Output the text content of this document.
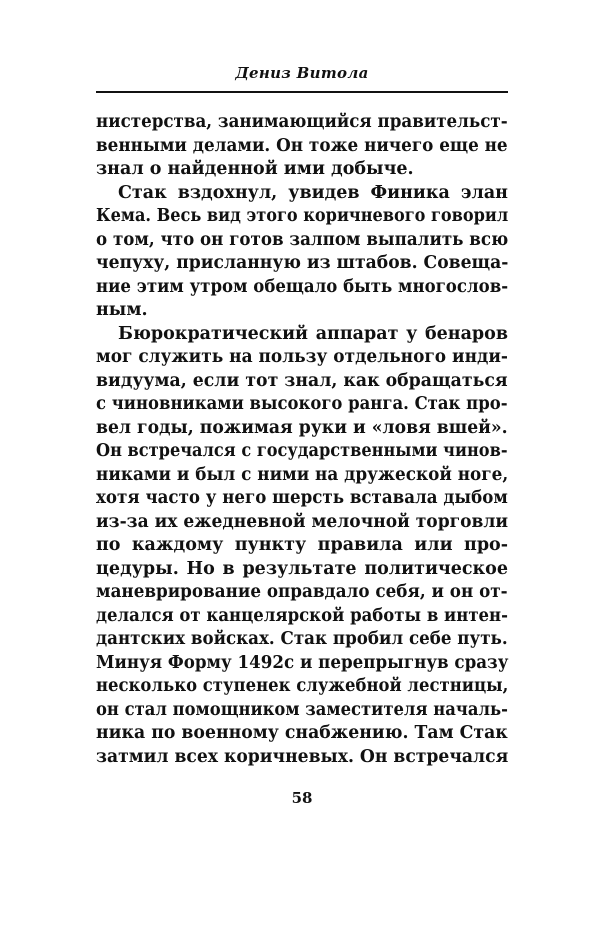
Дениз Витола
нистерства, занимающийся правительст-
венными делами. Он тоже ничего еще не
знал о найденной ими добыче.
Стак вздохнул, увидев Финика элан
Кема. Весь вид этого коричневого говорил
о том, что он готов залпом выпалить всю
чепуху, присланную из штабов. Совеща-
ние этим утром обещало быть многослов-
ным.
Бюрократический аппарат у бенаров
мог служить на пользу отдельного инди-
видуума, если тот знал, как обращаться
с чиновниками высокого ранга. Стак про-
вел годы, пожимая руки и «ловя вшей».
Он встречался с государственными чинов-
никами и был с ними на дружеской ноге,
хотя часто у него шерсть вставала дыбом
из-за их ежедневной мелочной торговли
по каждому пункту правила или про-
цедуры. Но в результате политическое
маневрирование оправдало себя, и он от-
делался от канцелярской работы в интен-
дантских войсках. Стак пробил себе путь.
Минуя Форму 1492с и перепрыгнув сразу
несколько ступенек служебной лестницы,
он стал помощником заместителя началь-
ника по военному снабжению. Там Стак
затмил всех коричневых. Он встречался
58
